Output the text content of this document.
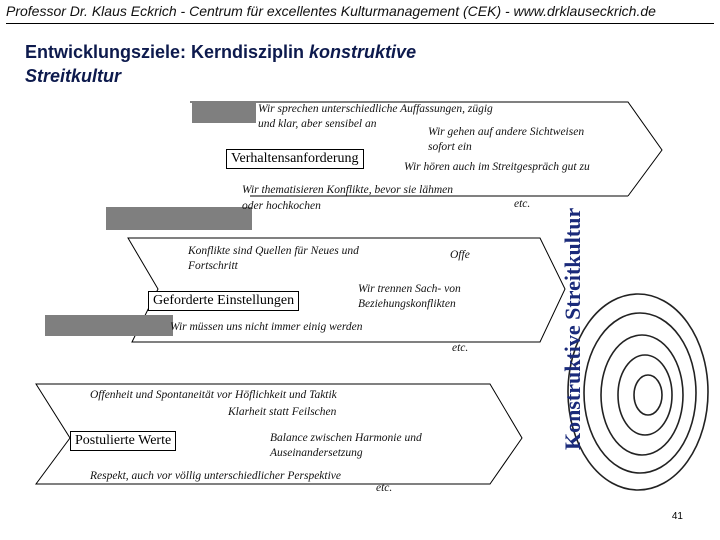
Professor Dr. Klaus Eckrich - Centrum für excellentes Kulturmanagement (CEK) - www.drklauseckrich.de
Entwicklungsziele: Kerndisziplin konstruktive
Streitkultur
Wir sprechen unterschiedliche Auffassungen, zügig
und klar, aber sensibel an
Wir gehen auf andere Sichtweisen
sofort ein
Verhaltensanforderung
Wir hören auch im Streitgespräch gut zu
Wir thematisieren Konflikte, bevor sie lähmen
oder hochkochen	etc.
Konflikte sind Quellen für Neues und
Fortschritt
Offe
Geforderte Einstellungen
Wir trennen Sach- von
Beziehungskonflikten
Wir müssen uns nicht immer einig werden
etc.
Offenheit und Spontaneität vor Höflichkeit und Taktik
Klarheit statt Feilschen
Postulierte Werte	Balance zwischen Harmonie und
Auseinandersetzung
Respekt, auch vor völlig unterschiedlicher Perspektive
etc.
Konstruktive Streitkultur
41
